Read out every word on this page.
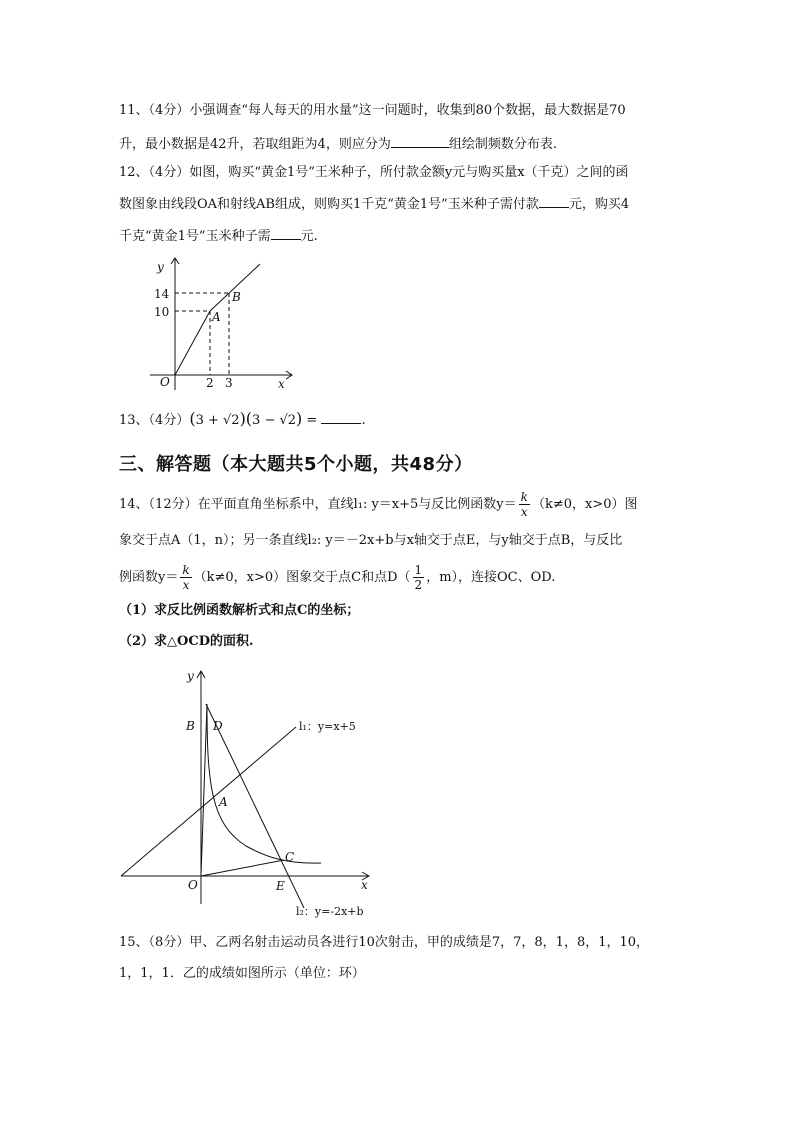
11、（4分）小强调查“每人每天的用水量”这一问题时，收集到80个数据，最大数据是70
升，最小数据是42升，若取组距为4，则应分为	组绘制频数分布表.
12、（4分）如图，购买“黄金1号”王米种子，所付款金额y元与购买量x（千克）之间的函
数图象由线段OA和射线AB组成，则购买1千克“黄金1号”玉米种子需付款 元，购买4
千克“黄金1号”玉米种子需 元.
y
x
O
14
10
2 3
A
B
13、（4分）(3 + √2)(3 − √2) =	.
三、解答题（本大题共5个小题，共48分）
14、（12分）在平面直角坐标系中，直线l₁: y＝x+5与反比例函数$y= \frac{k}{x} (k\ne 0$，x>0）图
象交于点A（1，n）；另一条直线l₂: y＝－2x+b与x轴交于点E，与y轴交于点B，与反比
例函数$y= \frac{k}{x} (k\ne 0$，x>0）图象交于点C和点$D( \frac{1}{2}$ ，m），连接OC、OD.
（1）求反比例函数解析式和点C的坐标；
（2）求△OCD的面积.
y
x
O
B D
A
C
E
l₁：y=x+5
l₂：y=-2x+b
15、（8分）甲、乙两名射击运动员各进行10次射击，甲的成绩是7，7，8，1，8，1，10，
1，1，1．乙的成绩如图所示（单位：环）
